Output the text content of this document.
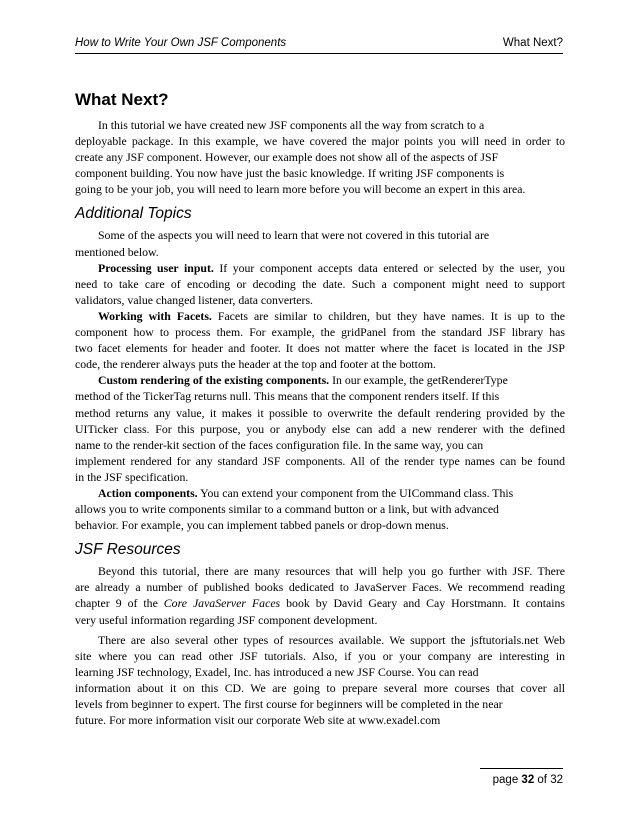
How to Write Your Own JSF Components	What Next?
What Next?

In this tutorial we have created new JSF components all the way from scratch to a
deployable package. In this example, we have covered the major points you will need in order to
create any JSF component. However, our example does not show all of the aspects of JSF
component building. You now have just the basic knowledge. If writing JSF components is
going to be your job, you will need to learn more before you will become an expert in this area.

Additional Topics

Some of the aspects you will need to learn that were not covered in this tutorial are
mentioned below.

Processing user input. If your component accepts data entered or selected by the user, you
need to take care of encoding or decoding the date. Such a component might need to support
validators, value changed listener, data converters.

Working with Facets. Facets are similar to children, but they have names. It is up to the
component how to process them. For example, the gridPanel from the standard JSF library has
two facet elements for header and footer. It does not matter where the facet is located in the JSP
code, the renderer always puts the header at the top and footer at the bottom.

Custom rendering of the existing components. In our example, the getRendererType
method of the TickerTag returns null. This means that the component renders itself. If this
method returns any value, it makes it possible to overwrite the default rendering provided by the
UITicker class. For this purpose, you or anybody else can add a new renderer with the defined
name to the render-kit section of the faces configuration file. In the same way, you can
implement rendered for any standard JSF components. All of the render type names can be found
in the JSF specification.

Action components. You can extend your component from the UICommand class. This
allows you to write components similar to a command button or a link, but with advanced
behavior. For example, you can implement tabbed panels or drop-down menus.

JSF Resources

Beyond this tutorial, there are many resources that will help you go further with JSF. There
are already a number of published books dedicated to JavaServer Faces. We recommend reading
chapter 9 of the Core JavaServer Faces book by David Geary and Cay Horstmann. It contains
very useful information regarding JSF component development.

There are also several other types of resources available. We support the jsftutorials.net Web
site where you can read other JSF tutorials. Also, if you or your company are interesting in
learning JSF technology, Exadel, Inc. has introduced a new JSF Course. You can read
information about it on this CD. We are going to prepare several more courses that cover all
levels from beginner to expert. The first course for beginners will be completed in the near
future. For more information visit our corporate Web site at www.exadel.com

page 32 of 32
